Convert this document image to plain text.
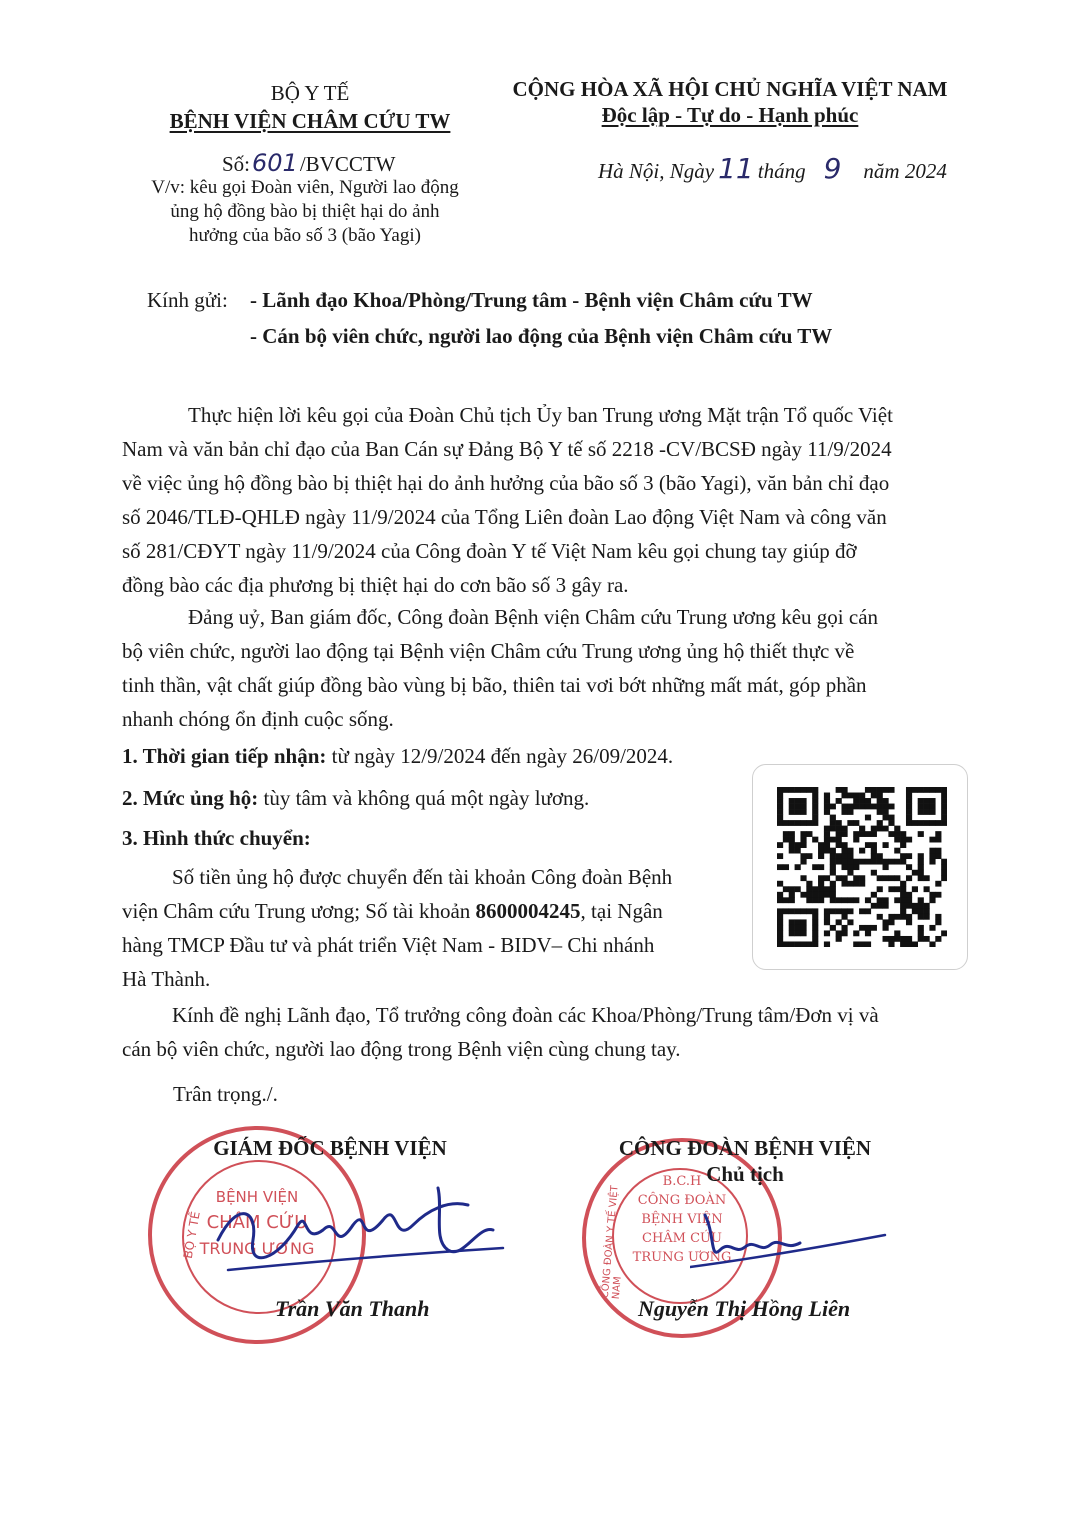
BỘ Y TẾ
BỆNH VIỆN CHÂM CỨU TW
Số:601/BVCCTW
V/v: kêu gọi Đoàn viên, Người lao động
ủng hộ đồng bào bị thiệt hại do ảnh
hưởng của bão số 3 (bão Yagi)
CỘNG HÒA XÃ HỘI CHỦ NGHĨA VIỆT NAM
Độc lập - Tự do - Hạnh phúc
Hà Nội, Ngày 11 tháng 9 năm 2024
Kính gửi: - Lãnh đạo Khoa/Phòng/Trung tâm - Bệnh viện Châm cứu TW
- Cán bộ viên chức, người lao động của Bệnh viện Châm cứu TW
Thực hiện lời kêu gọi của Đoàn Chủ tịch Ủy ban Trung ương Mặt trận Tổ quốc Việt
Nam và văn bản chỉ đạo của Ban Cán sự Đảng Bộ Y tế số 2218 -CV/BCSĐ ngày 11/9/2024
về việc ủng hộ đồng bào bị thiệt hại do ảnh hưởng của bão số 3 (bão Yagi), văn bản chỉ đạo
số 2046/TLĐ-QHLĐ ngày 11/9/2024 của Tổng Liên đoàn Lao động Việt Nam và công văn
số 281/CĐYT ngày 11/9/2024 của Công đoàn Y tế Việt Nam kêu gọi chung tay giúp đỡ
đồng bào các địa phương bị thiệt hại do cơn bão số 3 gây ra.
Đảng uỷ, Ban giám đốc, Công đoàn Bệnh viện Châm cứu Trung ương kêu gọi cán
bộ viên chức, người lao động tại Bệnh viện Châm cứu Trung ương ủng hộ thiết thực về
tinh thần, vật chất giúp đồng bào vùng bị bão, thiên tai vơi bớt những mất mát, góp phần
nhanh chóng ổn định cuộc sống.
1. Thời gian tiếp nhận: từ ngày 12/9/2024 đến ngày 26/09/2024.
2. Mức ủng hộ: tùy tâm và không quá một ngày lương.
3. Hình thức chuyển:
Số tiền ủng hộ được chuyển đến tài khoản Công đoàn Bệnh
viện Châm cứu Trung ương; Số tài khoản 8600004245, tại Ngân
hàng TMCP Đầu tư và phát triển Việt Nam - BIDV– Chi nhánh
Hà Thành.
Kính đề nghị Lãnh đạo, Tổ trưởng công đoàn các Khoa/Phòng/Trung tâm/Đơn vị và
cán bộ viên chức, người lao động trong Bệnh viện cùng chung tay.
Trân trọng./.
BỘ Y TẾ
BỆNH VIỆN
CHÂM CỨU
TRUNG ƯƠNG
GIÁM ĐỐC BỆNH VIỆN
Trần Văn Thanh
CÔNG ĐOÀN Y TẾ VIỆT NAM
B.C.H
CÔNG ĐOÀN
BỆNH VIỆN
CHÂM CỨU
TRUNG ƯƠNG
CÔNG ĐOÀN BỆNH VIỆN
Chủ tịch
Nguyễn Thị Hồng Liên
